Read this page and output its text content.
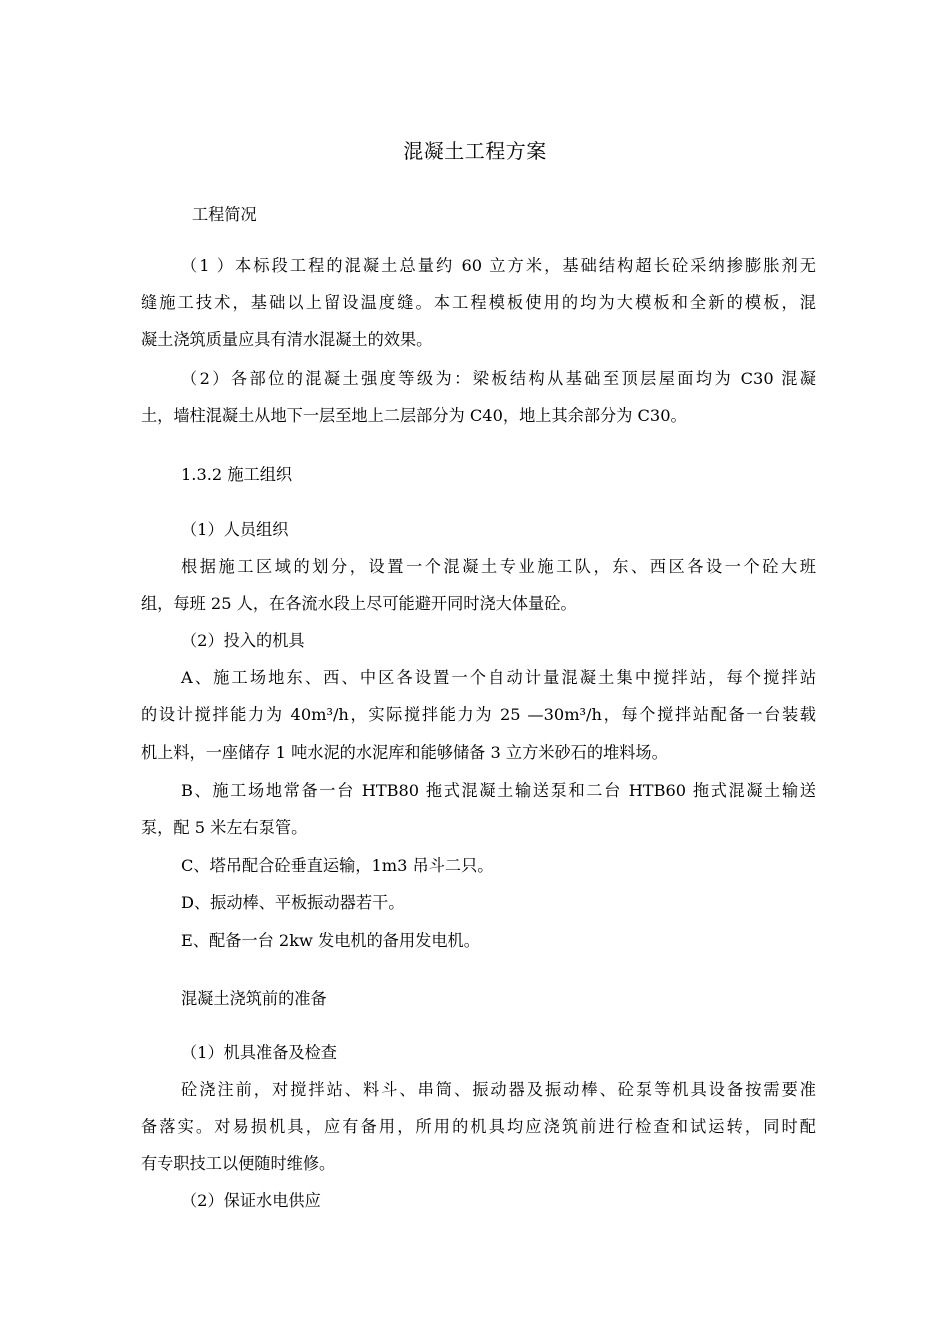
混凝土工程方案
工程简况
（1 ）本标段工程的混凝土总量约 60 立方米，基础结构超长砼采纳掺膨胀剂无
缝施工技术，基础以上留设温度缝。本工程模板使用的均为大模板和全新的模板，混
凝土浇筑质量应具有清水混凝土的效果。
（2）各部位的混凝土强度等级为：梁板结构从基础至顶层屋面均为 C30 混凝
土，墙柱混凝土从地下一层至地上二层部分为 C40，地上其余部分为 C30。
1.3.2 施工组织
（1）人员组织
根据施工区域的划分，设置一个混凝土专业施工队，东、西区各设一个砼大班
组，每班 25 人，在各流水段上尽可能避开同时浇大体量砼。
（2）投入的机具
A、施工场地东、西、中区各设置一个自动计量混凝土集中搅拌站，每个搅拌站
的设计搅拌能力为 40m³/h，实际搅拌能力为 25 —30m³/h，每个搅拌站配备一台装载
机上料，一座储存 1 吨水泥的水泥库和能够储备 3 立方米砂石的堆料场。
B、施工场地常备一台 HTB80 拖式混凝土输送泵和二台 HTB60 拖式混凝土输送
泵，配 5 米左右泵管。
C、塔吊配合砼垂直运输，1m3 吊斗二只。
D、振动棒、平板振动器若干。
E、配备一台 2kw 发电机的备用发电机。
混凝土浇筑前的准备
（1）机具准备及检查
砼浇注前，对搅拌站、料斗、串筒、振动器及振动棒、砼泵等机具设备按需要准
备落实。对易损机具，应有备用，所用的机具均应浇筑前进行检查和试运转，同时配
有专职技工以便随时维修。
（2）保证水电供应
